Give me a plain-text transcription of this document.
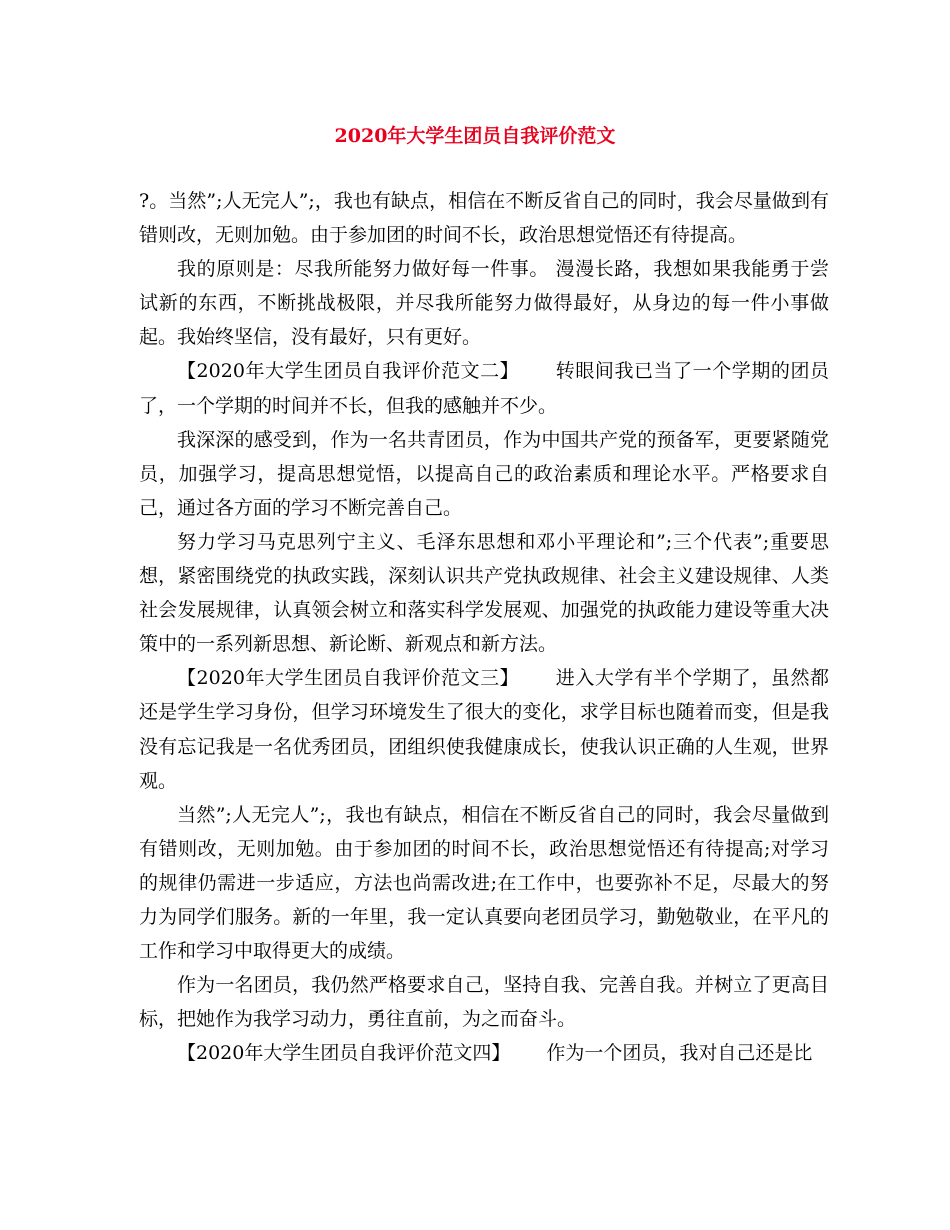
2020年大学生团员自我评价范文

?。当然”;人无完人”;，我也有缺点，相信在不断反省自己的同时，我会尽量做到有错则改，无则加勉。由于参加团的时间不长，政治思想觉悟还有待提高。

我的原则是：尽我所能努力做好每一件事。 漫漫长路，我想如果我能勇于尝试新的东西，不断挑战极限，并尽我所能努力做得最好，从身边的每一件小事做起。我始终坚信，没有最好，只有更好。

【2020年大学生团员自我评价范文二】 转眼间我已当了一个学期的团员了，一个学期的时间并不长，但我的感触并不少。

我深深的感受到，作为一名共青团员，作为中国共产党的预备军，更要紧随党员，加强学习，提高思想觉悟，以提高自己的政治素质和理论水平。严格要求自己，通过各方面的学习不断完善自己。

努力学习马克思列宁主义、毛泽东思想和邓小平理论和”;三个代表”;重要思想，紧密围绕党的执政实践，深刻认识共产党执政规律、社会主义建设规律、人类社会发展规律，认真领会树立和落实科学发展观、加强党的执政能力建设等重大决策中的一系列新思想、新论断、新观点和新方法。

【2020年大学生团员自我评价范文三】 进入大学有半个学期了，虽然都还是学生学习身份，但学习环境发生了很大的变化，求学目标也随着而变，但是我没有忘记我是一名优秀团员，团组织使我健康成长，使我认识正确的人生观，世界观。

当然”;人无完人”;，我也有缺点，相信在不断反省自己的同时，我会尽量做到有错则改，无则加勉。由于参加团的时间不长，政治思想觉悟还有待提高;对学习的规律仍需进一步适应，方法也尚需改进;在工作中，也要弥补不足，尽最大的努力为同学们服务。新的一年里，我一定认真要向老团员学习，勤勉敬业，在平凡的工作和学习中取得更大的成绩。

作为一名团员，我仍然严格要求自己，坚持自我、完善自我。并树立了更高目标，把她作为我学习动力，勇往直前，为之而奋斗。

【2020年大学生团员自我评价范文四】 作为一个团员，我对自己还是比
